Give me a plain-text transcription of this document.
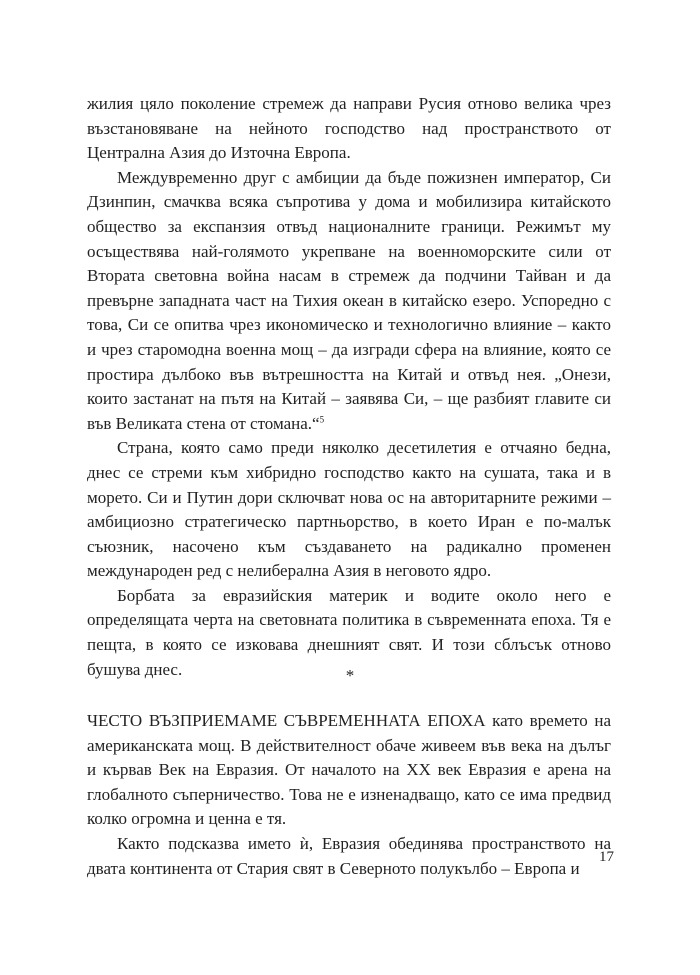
жилия цяло поколение стремеж да направи Русия отново велика чрез възстановяване на нейното господство над пространството от Централна Азия до Източна Европа.

Междувременно друг с амбиции да бъде пожизнен император, Си Дзинпин, смачква всяка съпротива у дома и мобилизира китайското общество за експанзия отвъд националните граници. Режимът му осъществява най-голямото укрепване на военноморските сили от Втората световна война насам в стремеж да подчини Тайван и да превърне западната част на Тихия океан в китайско езеро. Успоредно с това, Си се опитва чрез икономическо и технологично влияние – както и чрез старомодна военна мощ – да изгради сфера на влияние, която се простира дълбоко във вътрешността на Китай и отвъд нея. „Онези, които застанат на пътя на Китай – заявява Си, – ще разбият главите си във Великата стена от стомана.“$^5$

Страна, която само преди няколко десетилетия е отчаяно бедна, днес се стреми към хибридно господство както на сушата, така и в морето. Си и Путин дори сключват нова ос на авторитарните режими – амбициозно стратегическо партньорство, в което Иран е по-малък съюзник, насочено към създаването на радикално променен международен ред с нелиберална Азия в неговото ядро.

Борбата за евразийския материк и водите около него е определящата черта на световната политика в съвременната епоха. Тя е пещта, в която се изковава днешният свят. И този сблъсък отново бушува днес.	*

ЧЕСТО ВЪЗПРИЕМАМЕ СЪВРЕМЕННАТА ЕПОХА като времето на американската мощ. В действителност обаче живеем във века на дълъг и кървав Век на Евразия. От началото на XX век Евразия е арена на глобалното съперничество. Това не е изненадващо, като се има предвид колко огромна и ценна е тя.

Както подсказва името ѝ, Евразия обединява пространството на двата континента от Стария свят в Северното полукълбо – Европа и

17
